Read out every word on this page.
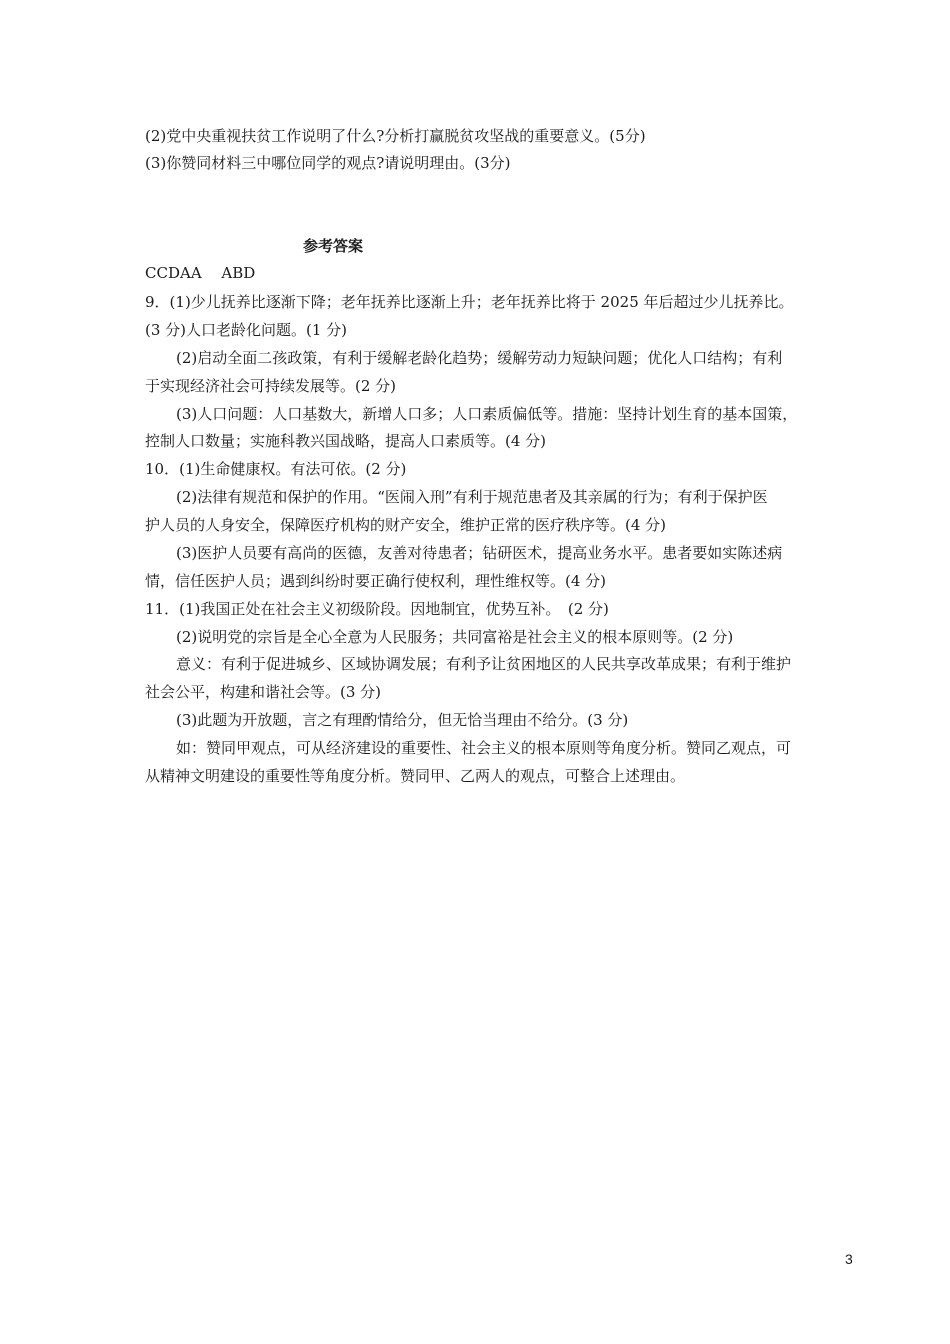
(2)党中央重视扶贫工作说明了什么?分析打赢脱贫攻坚战的重要意义。(5分)
(3)你赞同材料三中哪位同学的观点?请说明理由。(3分)
参考答案
CCDAA　 ABD
9．(1)少儿抚养比逐渐下降；老年抚养比逐渐上升；老年抚养比将于 2025 年后超过少儿抚养比。
(3 分)人口老龄化问题。(1 分)
(2)启动全面二孩政策，有利于缓解老龄化趋势；缓解劳动力短缺问题；优化人口结构；有利
于实现经济社会可持续发展等。(2 分)
(3)人口问题：人口基数大，新增人口多；人口素质偏低等。措施：坚持计划生育的基本国策，
控制人口数量；实施科教兴国战略，提高人口素质等。(4 分)
10．(1)生命健康权。有法可依。(2 分)
(2)法律有规范和保护的作用。“医闹入刑”有利于规范患者及其亲属的行为；有利于保护医
护人员的人身安全，保障医疗机构的财产安全，维护正常的医疗秩序等。(4 分)
(3)医护人员要有高尚的医德，友善对待患者；钻研医术，提高业务水平。患者要如实陈述病
情，信任医护人员；遇到纠纷时要正确行使权利，理性维权等。(4 分)
11．(1)我国正处在社会主义初级阶段。因地制宜，优势互补。　(2 分)
(2)说明党的宗旨是全心全意为人民服务；共同富裕是社会主义的根本原则等。(2 分)
意义：有利于促进城乡、区域协调发展；有利予让贫困地区的人民共享改革成果；有利于维护
社会公平，构建和谐社会等。(3 分)
(3)此题为开放题，言之有理酌情给分，但无恰当理由不给分。(3 分)
如：赞同甲观点，可从经济建设的重要性、社会主义的根本原则等角度分析。赞同乙观点，可
从精神文明建设的重要性等角度分析。赞同甲、乙两人的观点，可整合上述理由。
3
